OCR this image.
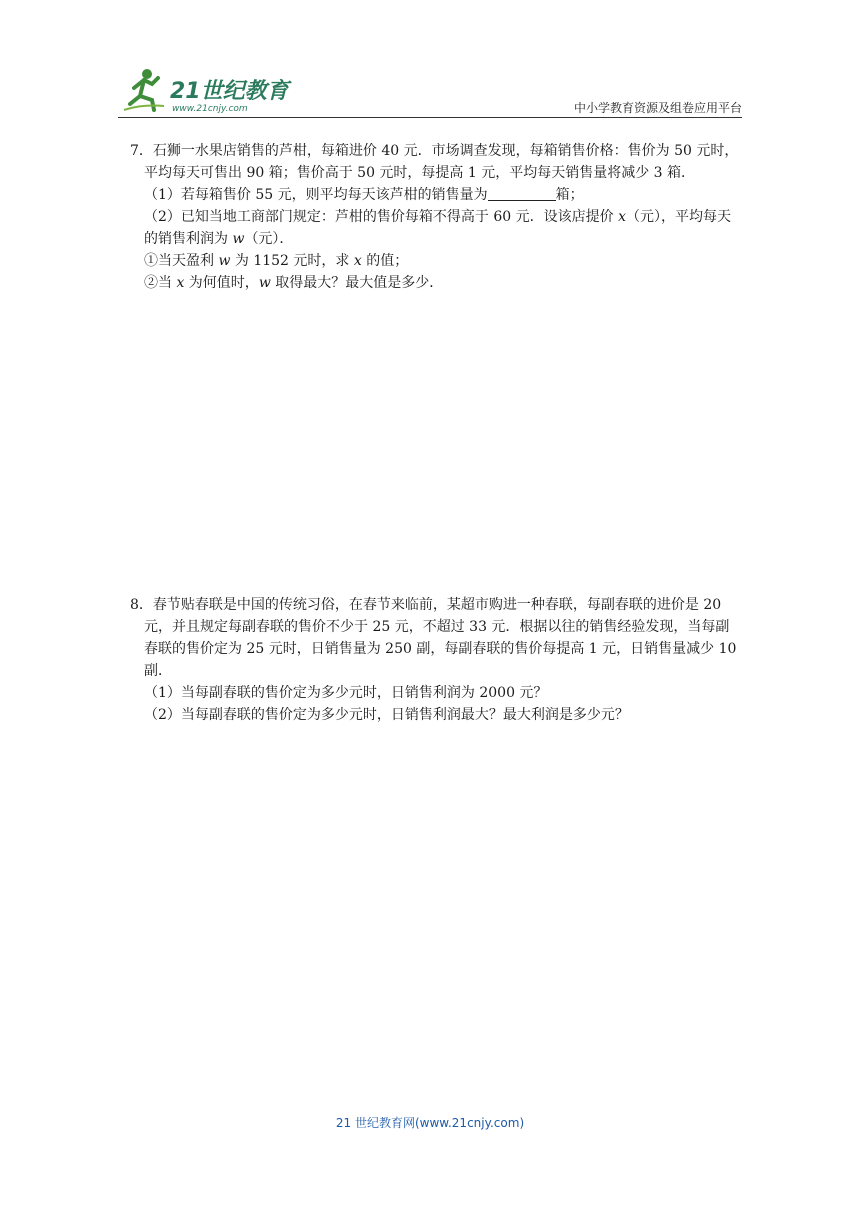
21世纪教育
www.21cnjy.com	中小学教育资源及组卷应用平台

7．石狮一水果店销售的芦柑，每箱进价 40 元．市场调查发现，每箱销售价格：售价为 50 元时，平均每天可售出 90 箱；售价高于 50 元时，每提高 1 元，平均每天销售量将减少 3 箱．

（1）若每箱售价 55 元，则平均每天该芦柑的销售量为	箱；

（2）已知当地工商部门规定：芦柑的售价每箱不得高于 60 元．设该店提价 x（元），平均每天的销售利润为 w（元）．

①当天盈利 w 为 1152 元时，求 x 的值；

②当 x 为何值时，w 取得最大？最大值是多少．

8．春节贴春联是中国的传统习俗，在春节来临前，某超市购进一种春联，每副春联的进价是 20 元，并且规定每副春联的售价不少于 25 元，不超过 33 元．根据以往的销售经验发现，当每副春联的售价定为 25 元时，日销售量为 250 副，每副春联的售价每提高 1 元，日销售量减少 10 副．

（1）当每副春联的售价定为多少元时，日销售利润为 2000 元？

（2）当每副春联的售价定为多少元时，日销售利润最大？最大利润是多少元？

21 世纪教育网(www.21cnjy.com)
